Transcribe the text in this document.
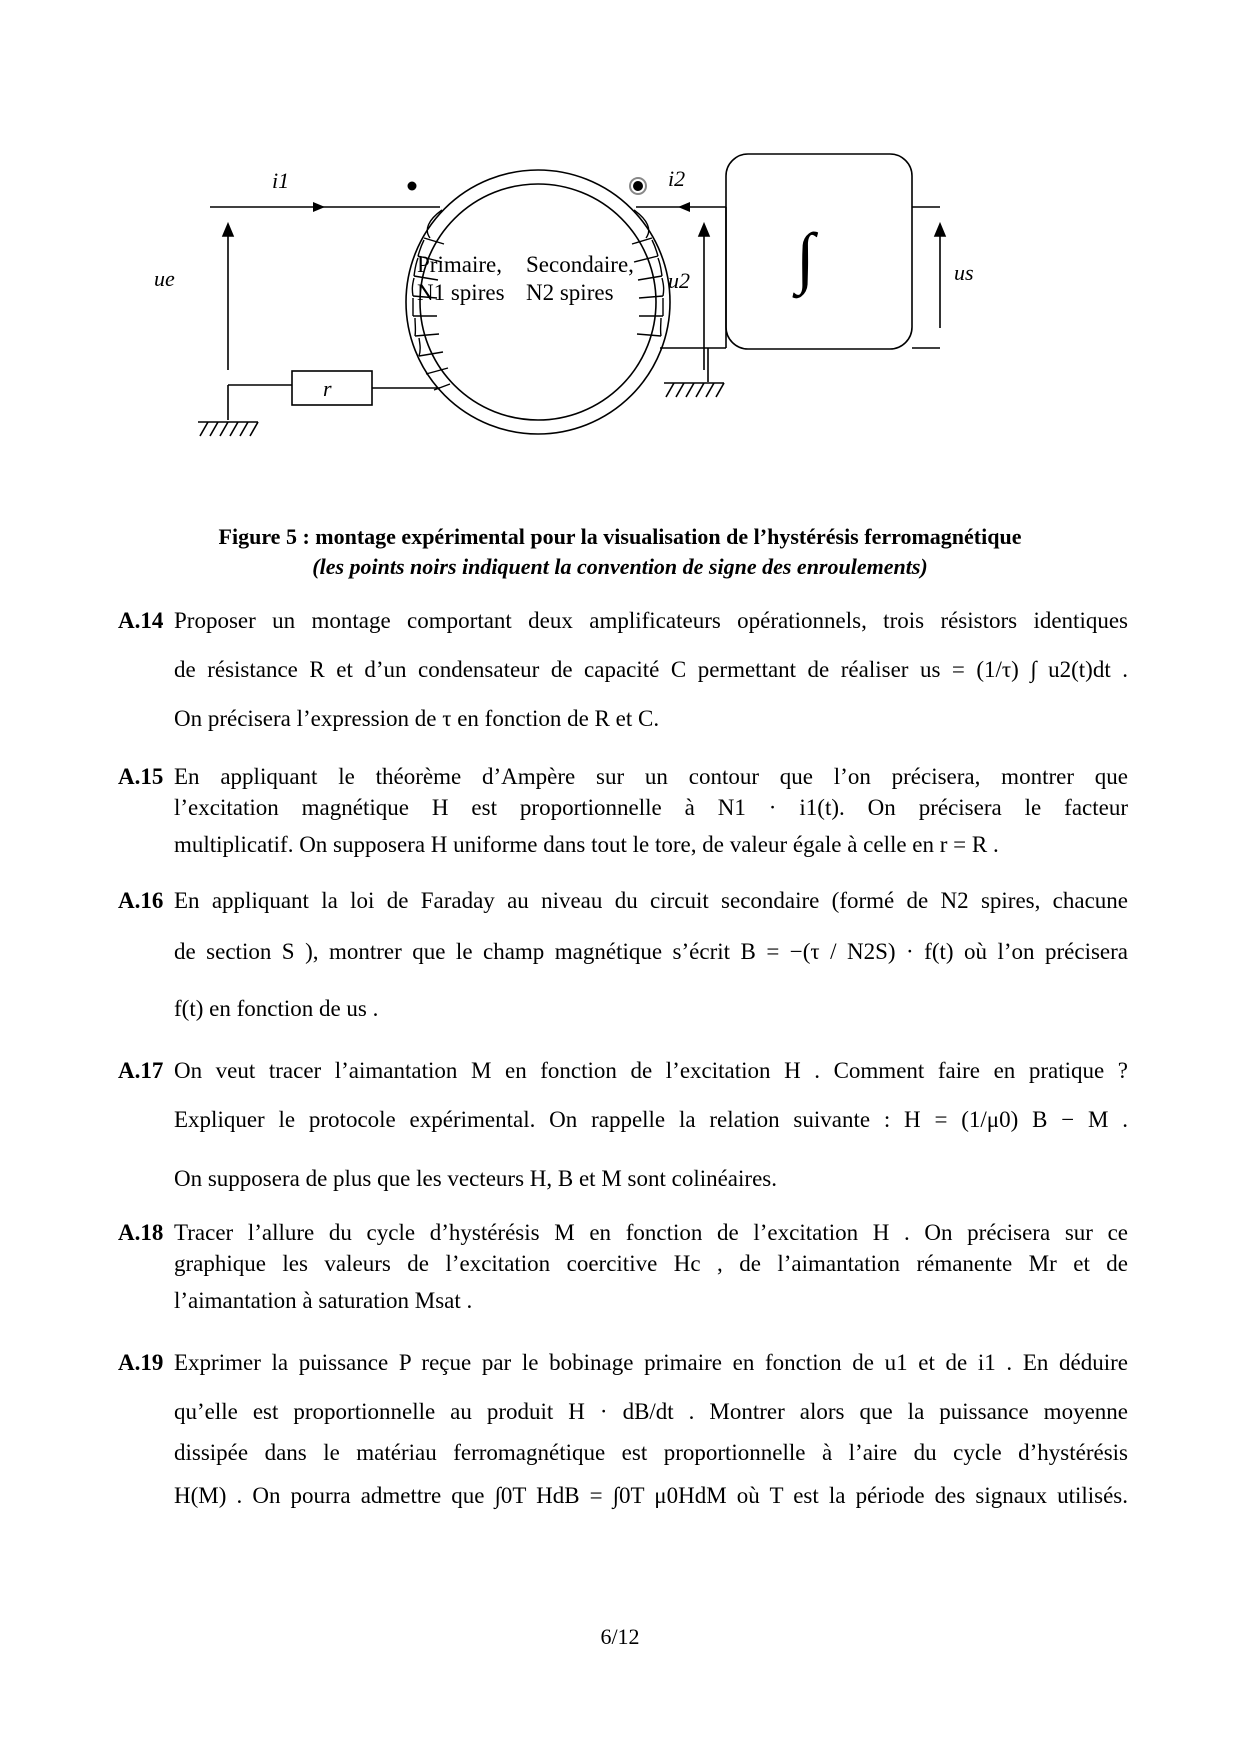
i1	i2
ue	u2	us
r
Primaire,
N1 spires
Secondaire,
N2 spires	∫
Figure 5 : montage expérimental pour la visualisation de l’hystérésis ferromagnétique
(les points noirs indiquent la convention de signe des enroulements)
A.14 Proposer un montage comportant deux amplificateurs opérationnels, trois résistors identiques
de résistance R et d’un condensateur de capacité C permettant de réaliser us = (1/τ) ∫ u2(t)dt .
On précisera l’expression de τ en fonction de R et C.
A.15 En appliquant le théorème d’Ampère sur un contour que l’on précisera, montrer que
l’excitation magnétique H est proportionnelle à N1 · i1(t). On précisera le facteur
multiplicatif. On supposera H uniforme dans tout le tore, de valeur égale à celle en r = R .
A.16 En appliquant la loi de Faraday au niveau du circuit secondaire (formé de N2 spires, chacune
de section S ), montrer que le champ magnétique s’écrit B = −(τ / N2S) · f(t) où l’on précisera
f(t) en fonction de us .
A.17 On veut tracer l’aimantation M en fonction de l’excitation H . Comment faire en pratique ?
Expliquer le protocole expérimental. On rappelle la relation suivante : H = (1/μ0) B − M .
On supposera de plus que les vecteurs H, B et M sont colinéaires.
A.18 Tracer l’allure du cycle d’hystérésis M en fonction de l’excitation H . On précisera sur ce
graphique les valeurs de l’excitation coercitive Hc , de l’aimantation rémanente Mr et de
l’aimantation à saturation Msat .
A.19 Exprimer la puissance P reçue par le bobinage primaire en fonction de u1 et de i1 . En déduire
qu’elle est proportionnelle au produit H · dB/dt . Montrer alors que la puissance moyenne
dissipée dans le matériau ferromagnétique est proportionnelle à l’aire du cycle d’hystérésis
H(M) . On pourra admettre que ∫0T HdB = ∫0T μ0HdM où T est la période des signaux utilisés.
6/12
